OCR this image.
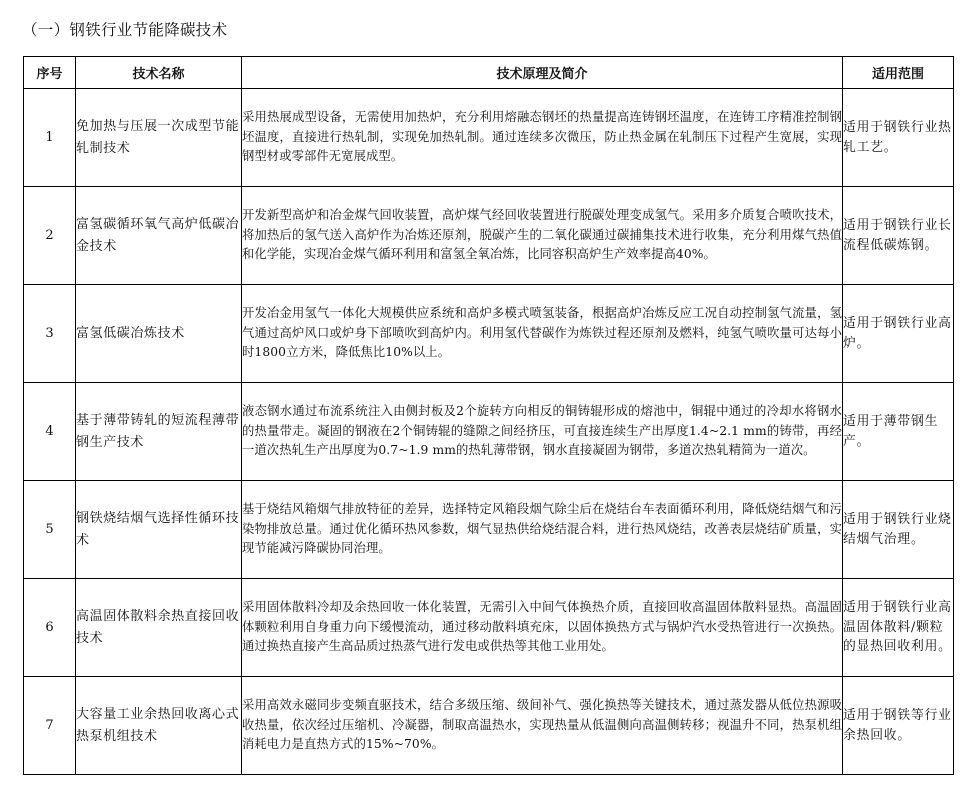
（一）钢铁行业节能降碳技术
序号	技术名称	技术原理及简介	适用范围
1	免加热与压展一次成型节能轧制技术	采用热展成型设备，无需使用加热炉，充分利用熔融态钢坯的热量提高连铸钢坯温度，在连铸工序精准控制钢坯温度，直接进行热轧制，实现免加热轧制。通过连续多次微压，防止热金属在轧制压下过程产生宽展，实现钢型材或零部件无宽展成型。	适用于钢铁行业热轧工艺。
2	富氢碳循环氧气高炉低碳冶金技术	开发新型高炉和冶金煤气回收装置，高炉煤气经回收装置进行脱碳处理变成氢气。采用多介质复合喷吹技术，将加热后的氢气送入高炉作为冶炼还原剂，脱碳产生的二氧化碳通过碳捕集技术进行收集，充分利用煤气热值和化学能，实现冶金煤气循环利用和富氢全氧冶炼，比同容积高炉生产效率提高40%。	适用于钢铁行业长流程低碳炼钢。
3	富氢低碳冶炼技术	开发冶金用氢气一体化大规模供应系统和高炉多模式喷氢装备，根据高炉冶炼反应工况自动控制氢气流量，氢气通过高炉风口或炉身下部喷吹到高炉内。利用氢代替碳作为炼铁过程还原剂及燃料，纯氢气喷吹量可达每小时1800立方米，降低焦比10%以上。	适用于钢铁行业高炉。
4	基于薄带铸轧的短流程薄带钢生产技术	液态钢水通过布流系统注入由侧封板及2个旋转方向相反的铜铸辊形成的熔池中，铜辊中通过的冷却水将钢水的热量带走。凝固的钢液在2个铜铸辊的缝隙之间经挤压，可直接连续生产出厚度1.4~2.1 mm的铸带，再经一道次热轧生产出厚度为0.7~1.9 mm的热轧薄带钢，钢水直接凝固为钢带，多道次热轧精简为一道次。	适用于薄带钢生产。
5	钢铁烧结烟气选择性循环技术	基于烧结风箱烟气排放特征的差异，选择特定风箱段烟气除尘后在烧结台车表面循环利用，降低烧结烟气和污染物排放总量。通过优化循环热风参数，烟气显热供给烧结混合料，进行热风烧结，改善表层烧结矿质量，实现节能减污降碳协同治理。	适用于钢铁行业烧结烟气治理。
6	高温固体散料余热直接回收技术	采用固体散料冷却及余热回收一体化装置，无需引入中间气体换热介质，直接回收高温固体散料显热。高温固体颗粒利用自身重力向下缓慢流动，通过移动散料填充床，以固体换热方式与锅炉汽水受热管进行一次换热。通过换热直接产生高品质过热蒸气进行发电或供热等其他工业用处。	适用于钢铁行业高温固体散料/颗粒的显热回收利用。
7	大容量工业余热回收离心式热泵机组技术	采用高效永磁同步变频直驱技术，结合多级压缩、级间补气、强化换热等关键技术，通过蒸发器从低位热源吸收热量，依次经过压缩机、冷凝器，制取高温热水，实现热量从低温侧向高温侧转移；视温升不同，热泵机组消耗电力是直热方式的15%~70%。	适用于钢铁等行业余热回收。
